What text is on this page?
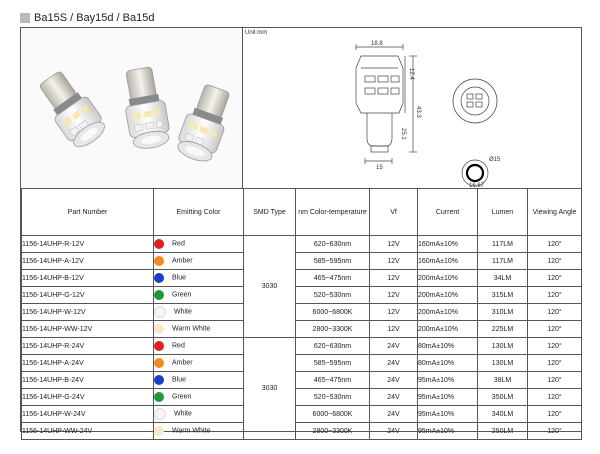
Ba15S / Bay15d / Ba15d
Unit:mm
18.8
12.4
43.3
25.1
15
Ø15
16.67
Part Number	Emitting Color	SMD Type	nm Color-temperature	Vf	Current	Lumen	Viewing Angle
1156-14UHP-R-12V	Red	3030	620~630nm	12V	160mA±10%	117LM	120°
1156-14UHP-A-12V	Amber		585~595nm	12V	160mA±10%	117LM	120°
1156-14UHP-B-12V	Blue		465~475nm	12V	200mA±10%	34LM	120°
1156-14UHP-G-12V	Green		520~530nm	12V	200mA±10%	315LM	120°
1156-14UHP-W-12V	White		6000~6800K	12V	200mA±10%	310LM	120°
1156-14UHP-WW-12V	Warm White		2800~3300K	12V	200mA±10%	225LM	120°
1156-14UHP-R-24V	Red	3030	620~630nm	24V	80mA±10%	130LM	120°
1156-14UHP-A-24V	Amber		585~595nm	24V	80mA±10%	130LM	120°
1156-14UHP-B-24V	Blue		465~475nm	24V	95mA±10%	38LM	120°
1156-14UHP-G-24V	Green		520~530nm	24V	95mA±10%	350LM	120°
1156-14UHP-W-24V	White		6000~6800K	24V	95mA±10%	340LM	120°
1156-14UHP-WW-24V	Warm White		2800~3300K	24V	95mA±10%	250LM	120°
